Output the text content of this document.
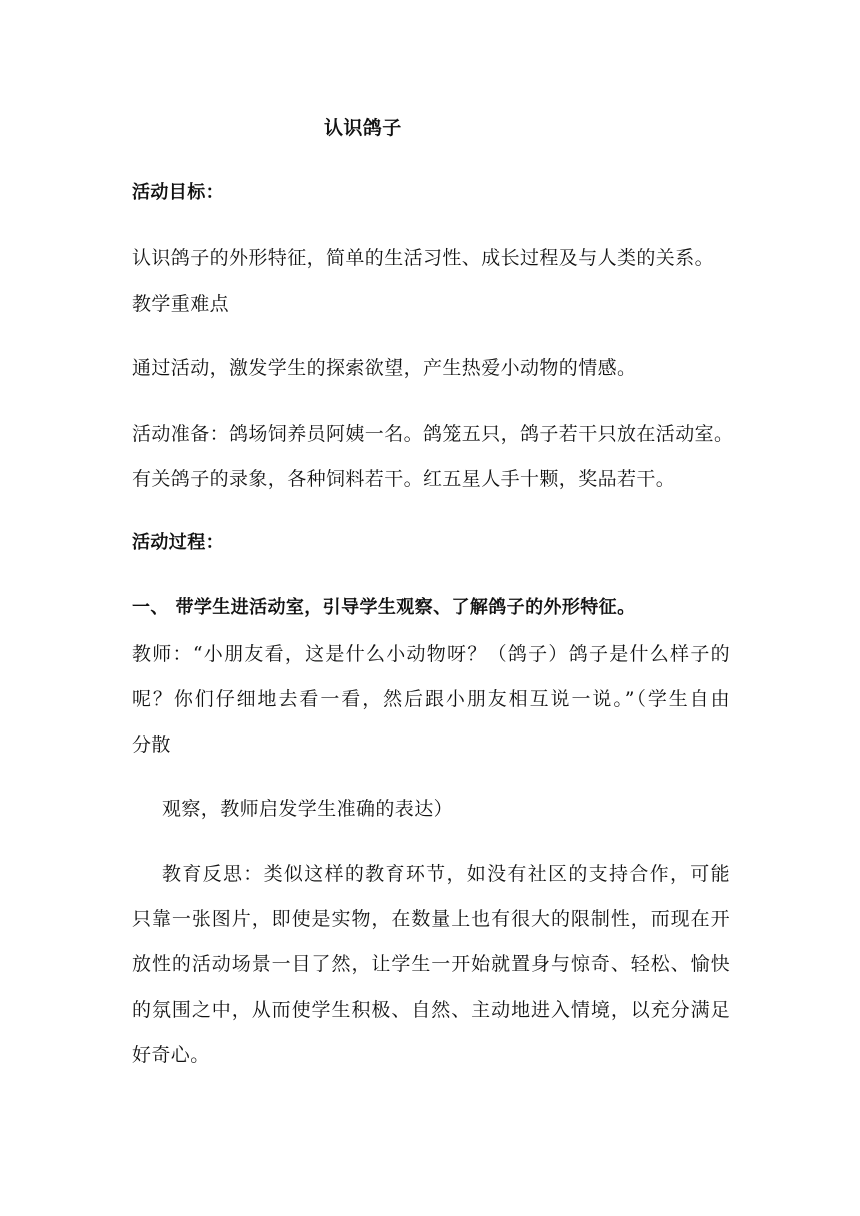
认识鸽子
活动目标：
认识鸽子的外形特征，简单的生活习性、成长过程及与人类的关系。
教学重难点
通过活动，激发学生的探索欲望，产生热爱小动物的情感。
活动准备：鸽场饲养员阿姨一名。鸽笼五只，鸽子若干只放在活动室。
有关鸽子的录象，各种饲料若干。红五星人手十颗，奖品若干。
活动过程：
一、 带学生进活动室，引导学生观察、了解鸽子的外形特征。
教师：“小朋友看，这是什么小动物呀？（鸽子）鸽子是什么样子的
呢？你们仔细地去看一看，然后跟小朋友相互说一说。”（学生自由
分散
观察，教师启发学生准确的表达）
教育反思：类似这样的教育环节，如没有社区的支持合作，可能
只靠一张图片，即使是实物，在数量上也有很大的限制性，而现在开
放性的活动场景一目了然，让学生一开始就置身与惊奇、轻松、愉快
的氛围之中，从而使学生积极、自然、主动地进入情境，以充分满足
好奇心。
